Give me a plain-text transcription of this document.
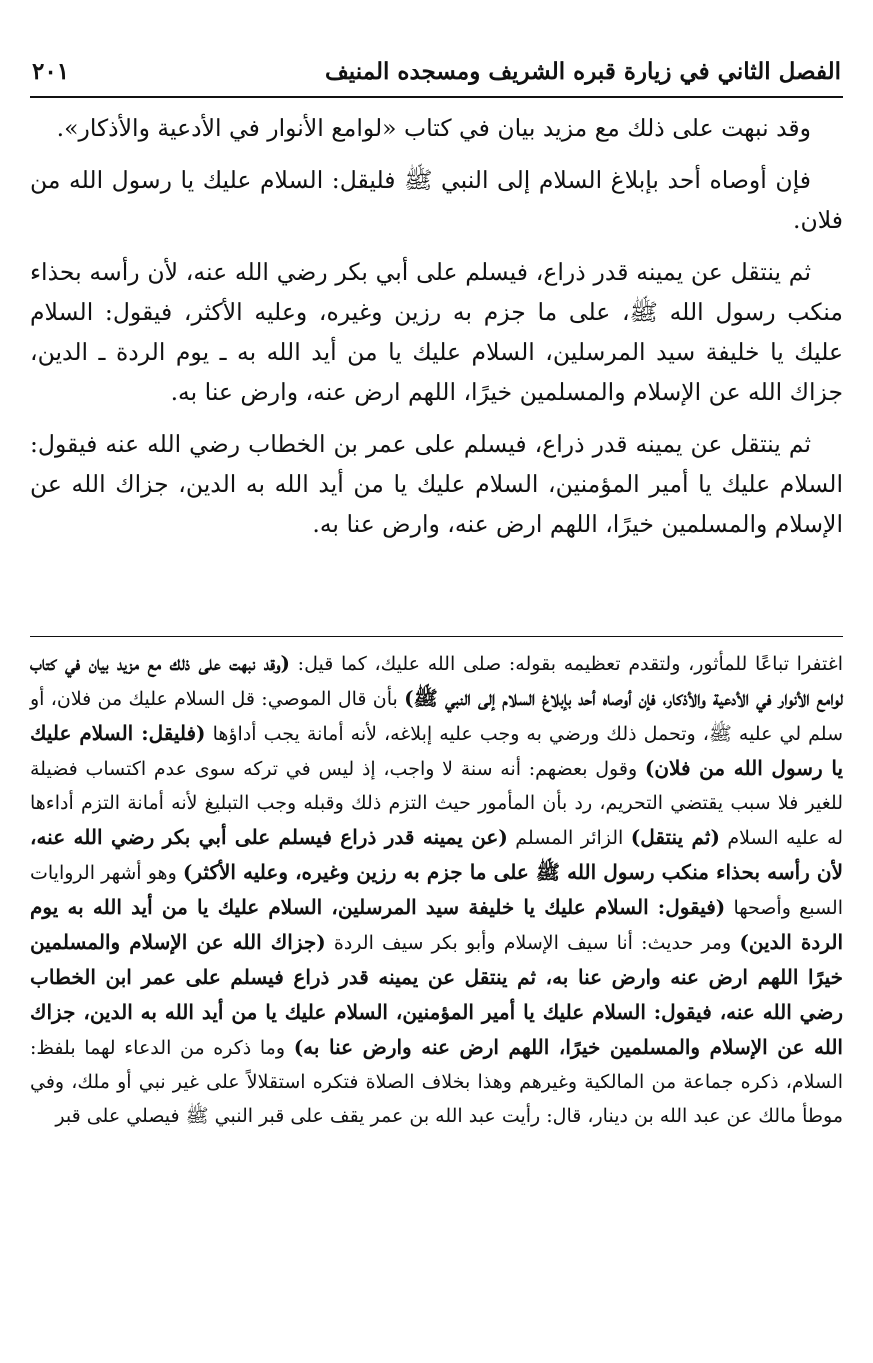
الفصل الثاني في زيارة قبره الشريف ومسجده المنيف
٢٠١

وقد نبهت على ذلك مع مزيد بيان في كتاب «لوامع الأنوار في الأدعية والأذكار».

فإن أوصاه أحد بإبلاغ السلام إلى النبي ﷺ فليقل: السلام عليك يا رسول الله من فلان.

ثم ينتقل عن يمينه قدر ذراع، فيسلم على أبي بكر رضي الله عنه، لأن رأسه بحذاء منكب رسول الله ﷺ، على ما جزم به رزين وغيره، وعليه الأكثر، فيقول: السلام عليك يا خليفة سيد المرسلين، السلام عليك يا من أيد الله به ـ يوم الردة ـ الدين، جزاك الله عن الإسلام والمسلمين خيرًا، اللهم ارض عنه، وارض عنا به.

ثم ينتقل عن يمينه قدر ذراع، فيسلم على عمر بن الخطاب رضي الله عنه فيقول: السلام عليك يا أمير المؤمنين، السلام عليك يا من أيد الله به الدين، جزاك الله عن الإسلام والمسلمين خيرًا، اللهم ارض عنه، وارض عنا به.

اغتفرا تباعًا للمأثور، ولتقدم تعظيمه بقوله: صلى الله عليك، كما قيل: (وقد نبهت على ذلك مع مزيد بيان في كتاب لوامع الأنوار في الأدعية والأذكار، فإن أوصاه أحد بإبلاغ السلام إلى النبي ﷺ) بأن قال الموصي: قل السلام عليك من فلان، أو سلم لي عليه ﷺ، وتحمل ذلك ورضي به وجب عليه إبلاغه، لأنه أمانة يجب أداؤها (فليقل: السلام عليك يا رسول الله من فلان) وقول بعضهم: أنه سنة لا واجب، إذ ليس في تركه سوى عدم اكتساب فضيلة للغير فلا سبب يقتضي التحريم، رد بأن المأمور حيث التزم ذلك وقبله وجب التبليغ لأنه أمانة التزم أداءها له عليه السلام (ثم ينتقل) الزائر المسلم (عن يمينه قدر ذراع فيسلم على أبي بكر رضي الله عنه، لأن رأسه بحذاء منكب رسول الله ﷺ على ما جزم به رزين وغيره، وعليه الأكثر) وهو أشهر الروايات السبع وأصحها (فيقول: السلام عليك يا خليفة سيد المرسلين، السلام عليك يا من أيد الله به يوم الردة الدين) ومر حديث: أنا سيف الإسلام وأبو بكر سيف الردة (جزاك الله عن الإسلام والمسلمين خيرًا اللهم ارض عنه وارض عنا به، ثم ينتقل عن يمينه قدر ذراع فيسلم على عمر ابن الخطاب رضي الله عنه، فيقول: السلام عليك يا أمير المؤمنين، السلام عليك يا من أيد الله به الدين، جزاك الله عن الإسلام والمسلمين خيرًا، اللهم ارض عنه وارض عنا به) وما ذكره من الدعاء لهما بلفظ: السلام، ذكره جماعة من المالكية وغيرهم وهذا بخلاف الصلاة فتكره استقلالاً على غير نبي أو ملك، وفي موطأ مالك عن عبد الله بن دينار، قال: رأيت عبد الله بن عمر يقف على قبر النبي ﷺ فيصلي على قبر
